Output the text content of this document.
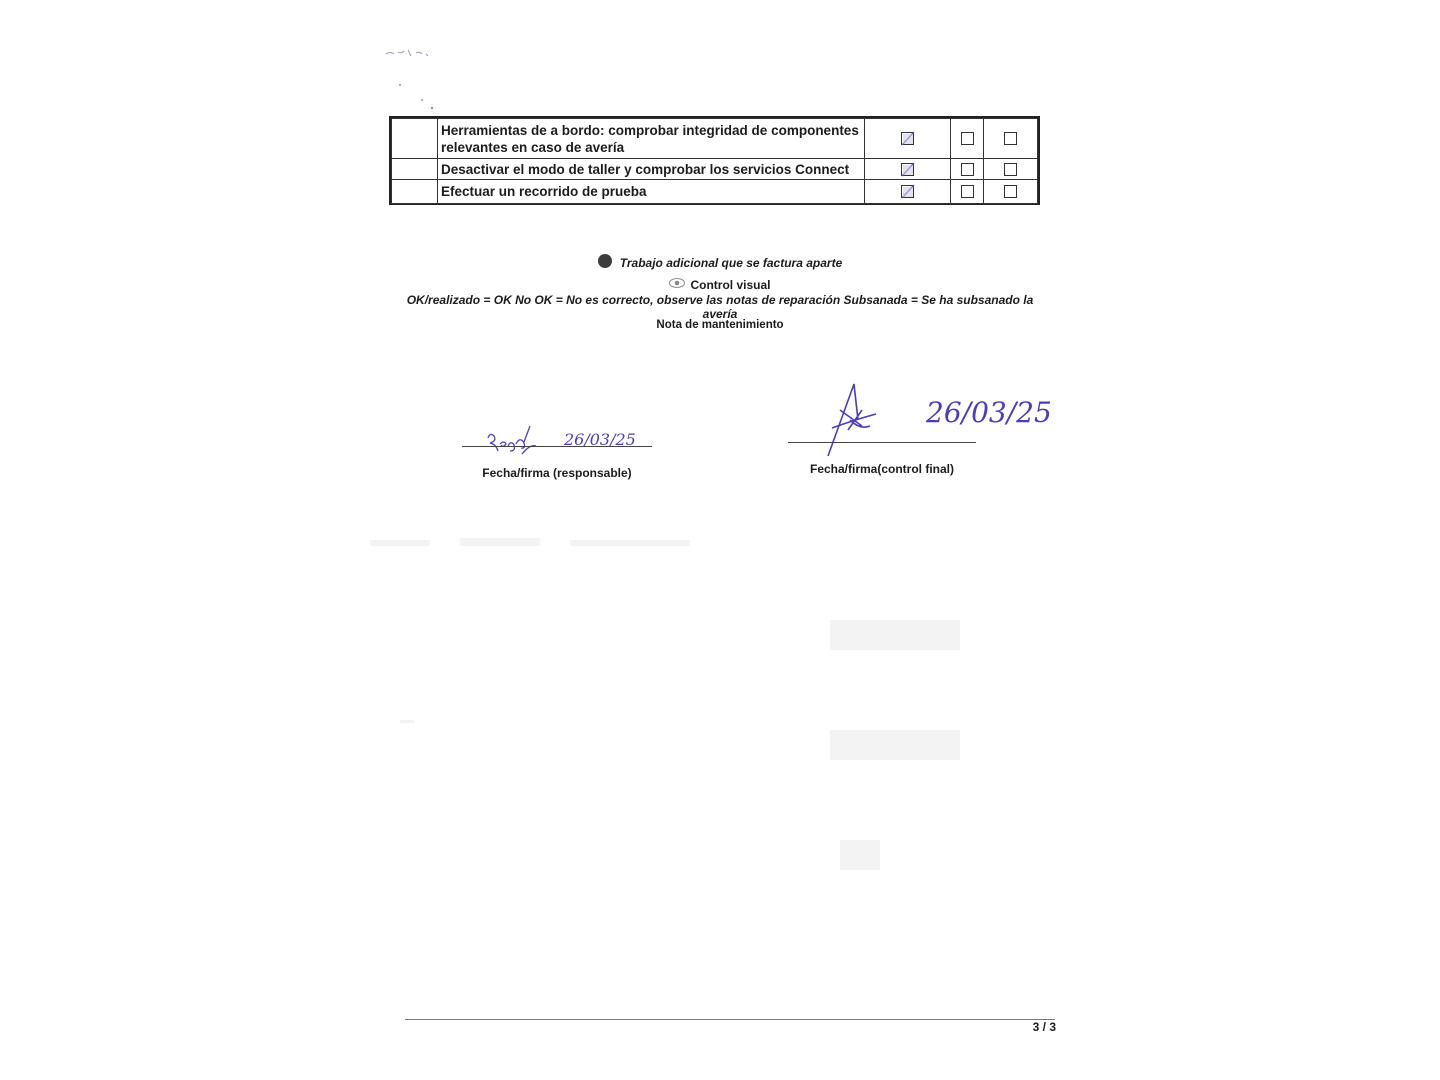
	Herramientas de a bordo: comprobar integridad de componentes relevantes en caso de avería

	Desactivar el modo de taller y comprobar los servicios Connect

	Efectuar un recorrido de prueba

Trabajo adicional que se factura aparte
Control visual
OK/realizado = OK No OK = No es correcto, observe las notas de reparación Subsanada = Se ha subsanado la avería
Nota de mantenimiento
26/03/25
Fecha/firma (responsable)
26/03/25
Fecha/firma(control final)
3 / 3
